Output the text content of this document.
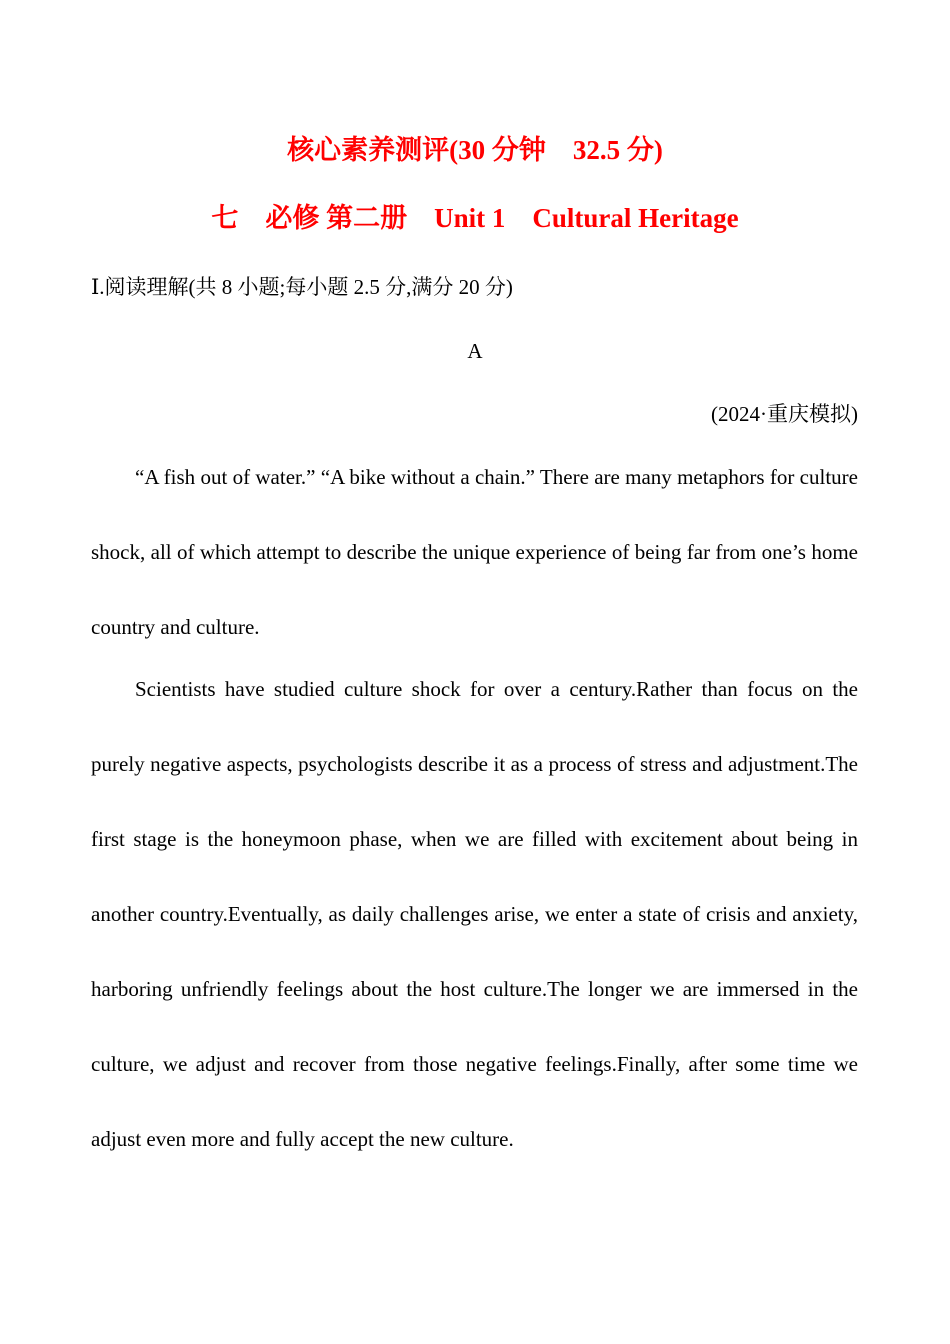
核心素养测评(30 分钟　32.5 分)
七　必修 第二册　Unit 1　Cultural Heritage
Ⅰ.阅读理解(共 8 小题;每小题 2.5 分,满分 20 分)
A
(2024·重庆模拟)

“A fish out of water.” “A bike without a chain.” There are many metaphors for culture shock, all of which attempt to describe the unique experience of being far from one’s home country and culture.

Scientists have studied culture shock for over a century.Rather than focus on the purely negative aspects, psychologists describe it as a process of stress and adjustment.The first stage is the honeymoon phase, when we are filled with excitement about being in another country.Eventually, as daily challenges arise, we enter a state of crisis and anxiety, harboring unfriendly feelings about the host culture.The longer we are immersed in the culture, we adjust and recover from those negative feelings.Finally, after some time we adjust even more and fully accept the new culture.
